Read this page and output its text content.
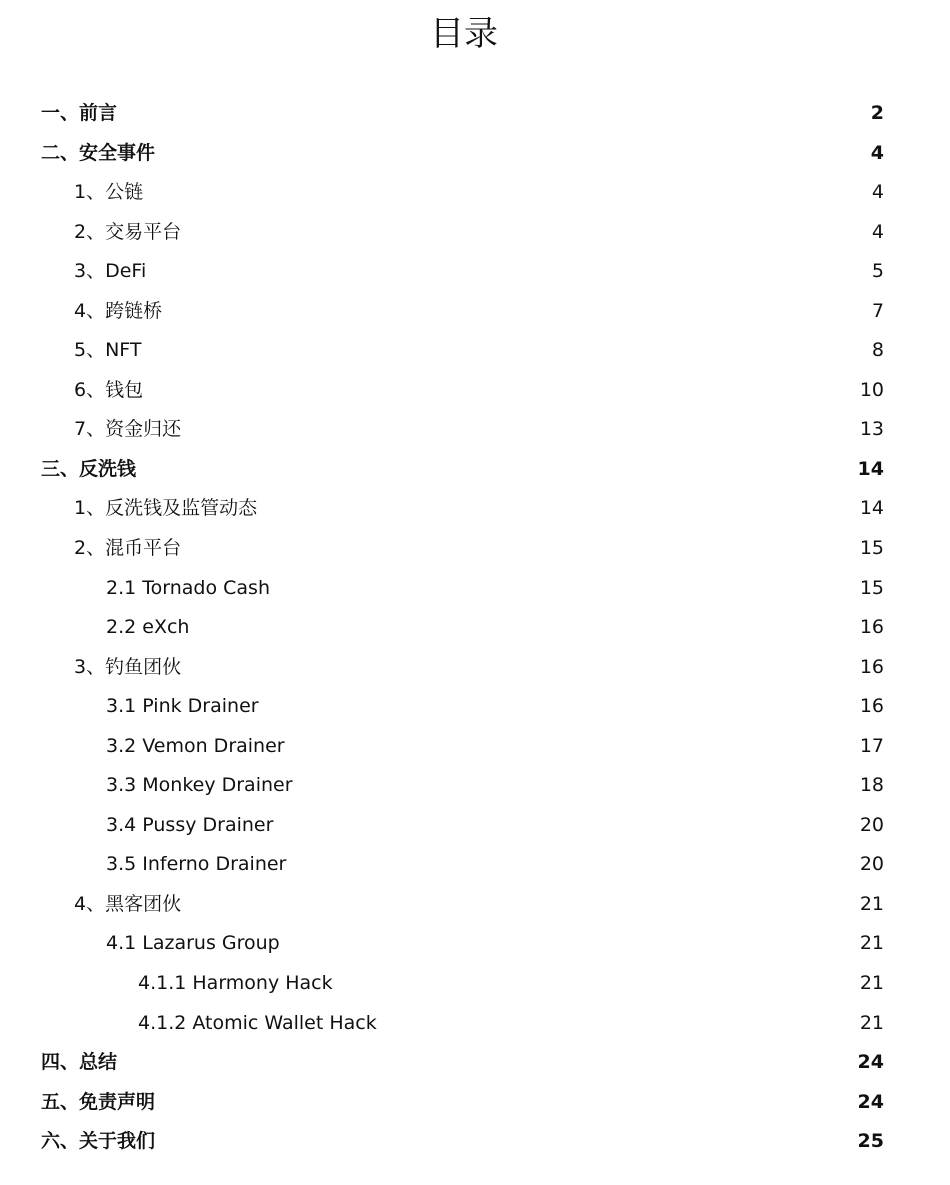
目录
一、前言	2
二、安全事件	4
1、公链	4
2、交易平台	4
3、DeFi	5
4、跨链桥	7
5、NFT	8
6、钱包	10
7、资金归还	13
三、反洗钱	14
1、反洗钱及监管动态	14
2、混币平台	15
2.1 Tornado Cash	15
2.2 eXch	16
3、钓鱼团伙	16
3.1 Pink Drainer	16
3.2 Vemon Drainer	17
3.3 Monkey Drainer	18
3.4 Pussy Drainer	20
3.5 Inferno Drainer	20
4、黑客团伙	21
4.1 Lazarus Group	21
4.1.1 Harmony Hack	21
4.1.2 Atomic Wallet Hack	21
四、总结	24
五、免责声明	24
六、关于我们	25
